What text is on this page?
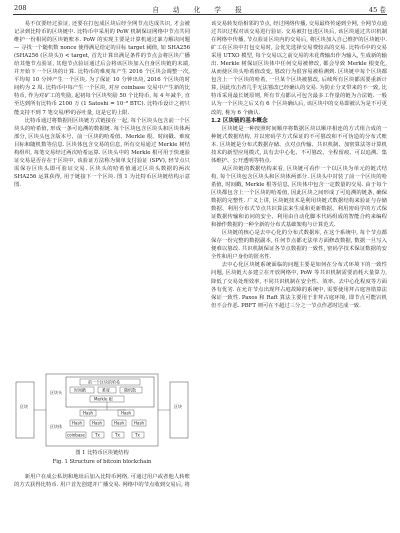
208	自 动 化 学 报	45 卷

易不仅要经过验证, 还要在打包成区块后经全网节点达成共识, 才会被记录到比特币的区块链中. 比特币中采用的 PoW 机制保证网络中节点共同维护一份相同的区块链账本. PoW 的实现主要是计算机通过暴力解决问题 — 寻找一个随机数 nonce 使得满足给定的目标 target 阈值, 如 SHA256 (SHA256 (区块头)) < target, 首先计算出满足条件的节点会将区块广播给其他节点验证, 其他节点验证通过后会将该区块加入自身区块链的末端, 并开始下一个区块的计算. 比特币的难度每产生 2016 个区块会调整一次, 平均每 10 分钟产生一个区块, 为了保证 10 分钟出块, 2016 个区块的时间约为 2 周. 比特币中每产生一个区块, 对应 coinbase 交易中产生新的比特币, 作为对矿工的奖励, 起初每个区块奖励 50 个比特币, 每 4 年减半, 直至达到所有比特币 2100 万 (1 Satoshi = 10⁻⁸ BTC). 比特币设计之初只能支持不到 7 笔交易/秒的吞吐量, 这是它的上限.

比特币通过将数据用区块链方式链接在一起, 每个区块头包含前一个区块头的哈希值, 形成一条可追溯的数据链. 每个区块包含区块头和区块体两部分, 区块头包含版本号、前一区块的哈希值、Merkle 根、时间戳、难度目标和随机数等信息. 区块体包含交易的信息, 所有交易通过 Merkle 树结构组织, 每笔交易经过两次哈希运算. 区块头中的 Merkle 根可用于快速验证交易是否存在于区块中, 该验证方法称为简单支付验证 (SPV), 轻节点只需保存区块头即可验证交易. 区块头的哈希值通过区块头数据的两次 SHA256 运算获得, 用于链接下一个区块. 图 1 为比特币区块链结构示意图.

区块
区块头
前一个区块的哈希
时间戳	难度	随机数
Merkle 根
区块体
Hash	Hash
Hash Hash	Hash Hash
coinbase	Tx	Tx	Tx
区块
图 1 比特币区块链结构
Fig. 1 Structure of bitcoin blockchain

新用户在成公私钥和地址后加入比特币网络, 可通过用户或者他人转账的方式获得比特币. 用户首先创建并广播交易. 网络中的节点收到交易后, 将

该交易转发给相邻的节点, 经过网络传播, 交易最终传递到全网, 全网节点通过共识过程对该交易进行验证. 交易被打包进区块后, 该区块通过共识机制在网络中传播, 节点验证区块内的交易后, 将区块加入自己维护的区块链中. 矿工在区块中打包交易时, 会优先选择交易费较高的交易. 比特币中的交易采用 UTXO 模型, 每个交易以之前交易的未花费输出作为输入, 生成新的输出. Merkle 树保证区块体中任何交易被修改, 都会导致 Merkle 根变化, 从而使区块头哈希值改变, 篡改行为很容易被检测到. 区块链中每个区块都包含上一个区块的哈希, 一旦某个区块被篡改, 后续所有区块都需要重新计算, 因此攻击者几乎无法篡改已经确认的交易. 为防止分叉带来的不一致, 比特币采用最长链原则, 所有节点都认可包含最多工作量的链为合法链. 一般认为一个区块之后又有 6 个区块确认后, 该区块中的交易即被认为是不可更改的, 称为 6 个确认.

1.2 区块链的基本概念

区块链是一种按照时间顺序将数据区块以顺序相连的方式组合成的一种链式数据结构, 并以密码学方式保证的不可篡改和不可伪造的分布式账本. 区块链是分布式数据存储、点对点传输、共识机制、加密算法等计算机技术的新型应用模式, 具有去中心化、不可篡改、全程留痕、可以追溯、集体维护、公开透明等特点.

从区块链的数据结构来看, 区块链可看作一个以区块为单元的链式结构, 每个区块包含区块头和区块体两部分. 区块头中封装了前一个区块的哈希值, 时间戳, Merkle 根等信息, 区块体中包含一定数量的交易. 由于每个区块都包含上一个区块的哈希值, 因此区块之间形成了可追溯的链条, 确保数据的完整性. 广义上讲, 区块链技术是利用块链式数据结构来验证与存储数据、利用分布式节点共识算法来生成和更新数据、利用密码学的方式保证数据传输和访问的安全、利用由自动化脚本代码组成的智能合约来编程和操作数据的一种全新的分布式基础架构与计算范式.

区块链的核心是去中心化的分布式数据库, 在这个系统中, 每个节点都保存一份完整的数据副本, 任何节点都无法单方面修改数据, 数据一旦写入便难以篡改. 共识机制保证各节点数据的一致性, 密码学技术保证数据的安全性和用户身份的匿名性.

去中心化区块链系统面临的问题主要是如何在分布式环境下的一致性问题, 区块链大多建立在开放网络中, PoW 等共识机制需要消耗大量算力, 降低了交易处理效率, 不同共识机制在安全性、效率、去中心化程度等方面各有优劣. 在允许节点出现拜占庭故障的系统中, 需要使用拜占庭容错算法保证一致性. Paxos 和 Raft 算法主要用于非拜占庭环境, 即节点可能宕机但不会作恶. PBFT 则可在不超过三分之一节点作恶时达成一致.
